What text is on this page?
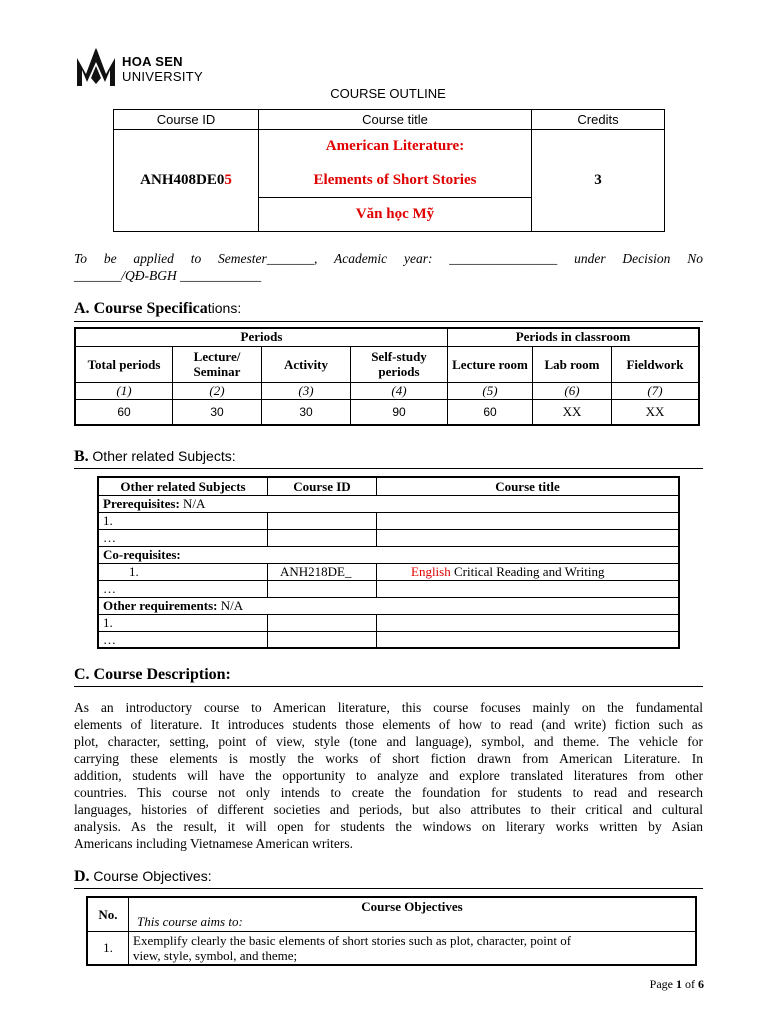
HOA SEN
UNIVERSITY
COURSE OUTLINE
Course ID	Course title	Credits
ANH408DE05	American Literature:	3
	Elements of Short Stories	
	Văn học Mỹ	
To be applied to Semester_______, Academic year: ________________ under Decision No
_______/QĐ-BGH ____________
A. Course Specifications:
Periods				Periods in classroom		
Total periods	Lecture/ Seminar	Activity	Self-study periods	Lecture room	Lab room	Fieldwork
(1)	(2)	(3)	(4)	(5)	(6)	(7)
60	30	30	90	60	XX	XX
B. Other related Subjects:
Other related Subjects	Course ID	Course title
Prerequisites: N/A		
1.		
…		
Co-requisites:		
1.	ANH218DE_	English Critical Reading and Writing
…		
Other requirements: N/A		
1.		
…		
C. Course Description:
As an introductory course to American literature, this course focuses mainly on the fundamental
elements of literature. It introduces students those elements of how to read (and write) fiction such as
plot, character, setting, point of view, style (tone and language), symbol, and theme. The vehicle for
carrying these elements is mostly the works of short fiction drawn from American Literature. In
addition, students will have the opportunity to analyze and explore translated literatures from other
countries. This course not only intends to create the foundation for students to read and research
languages, histories of different societies and periods, but also attributes to their critical and cultural
analysis. As the result, it will open for students the windows on literary works written by Asian
Americans including Vietnamese American writers.
D. Course Objectives:
No.	Course Objectives
This course aims to:

1.	Exemplify clearly the basic elements of short stories such as plot, character, point of
view, style, symbol, and theme;
Page 1 of 6
